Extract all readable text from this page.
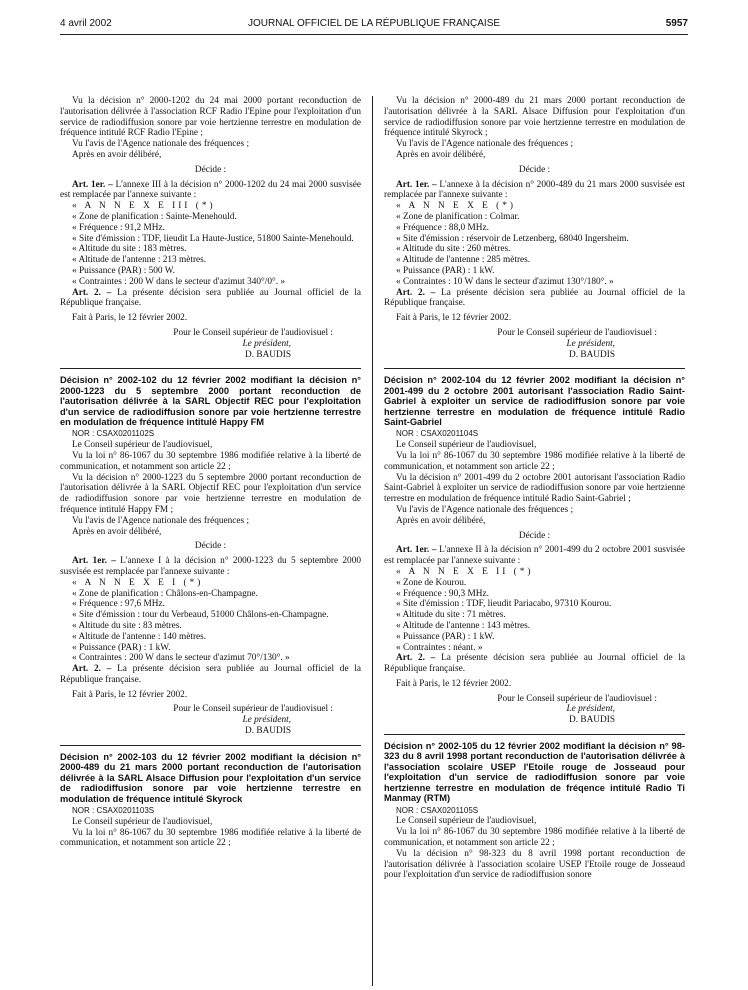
4 avril 2002	JOURNAL OFFICIEL DE LA RÉPUBLIQUE FRANÇAISE	5957

Vu la décision n° 2000-1202 du 24 mai 2000 portant reconduction de l'autorisation délivrée à l'association RCF Radio l'Epine pour l'exploitation d'un service de radiodiffusion sonore par voie hertzienne terrestre en modulation de fréquence intitulé RCF Radio l'Epine ;

Vu l'avis de l'Agence nationale des fréquences ;

Après en avoir délibéré,

Décide :

Art. 1er. – L'annexe III à la décision n° 2000-1202 du 24 mai 2000 susvisée est remplacée par l'annexe suivante :

« A N N E X E III (*)

« Zone de planification : Sainte-Menehould.

« Fréquence : 91,2 MHz.

« Site d'émission : TDF, lieudit La Haute-Justice, 51800 Sainte-Menehould.

« Altitude du site : 183 mètres.

« Altitude de l'antenne : 213 mètres.

« Puissance (PAR) : 500 W.

« Contraintes : 200 W dans le secteur d'azimut 340°/0°. »

Art. 2. – La présente décision sera publiée au Journal officiel de la République française.

Fait à Paris, le 12 février 2002.

Pour le Conseil supérieur de l'audiovisuel :

Le président,

D. BAUDIS

Décision n° 2002-102 du 12 février 2002 modifiant la décision n° 2000-1223 du 5 septembre 2000 portant reconduction de l'autorisation délivrée à la SARL Objectif REC pour l'exploitation d'un service de radiodiffusion sonore par voie hertzienne terrestre en modulation de fréquence intitulé Happy FM

NOR : CSAX0201102S

Le Conseil supérieur de l'audiovisuel,

Vu la loi n° 86-1067 du 30 septembre 1986 modifiée relative à la liberté de communication, et notamment son article 22 ;

Vu la décision n° 2000-1223 du 5 septembre 2000 portant reconduction de l'autorisation délivrée à la SARL Objectif REC pour l'exploitation d'un service de radiodiffusion sonore par voie hertzienne terrestre en modulation de fréquence intitulé Happy FM ;

Vu l'avis de l'Agence nationale des fréquences ;

Après en avoir délibéré,

Décide :

Art. 1er. – L'annexe I à la décision n° 2000-1223 du 5 septembre 2000 susvisée est remplacée par l'annexe suivante :

« A N N E X E I (*)

« Zone de planification : Châlons-en-Champagne.

« Fréquence : 97,6 MHz.

« Site d'émission : tour du Verbeaud, 51000 Châlons-en-Champagne.

« Altitude du site : 83 mètres.

« Altitude de l'antenne : 140 mètres.

« Puissance (PAR) : 1 kW.

« Contraintes : 200 W dans le secteur d'azimut 70°/130°. »

Art. 2. – La présente décision sera publiée au Journal officiel de la République française.

Fait à Paris, le 12 février 2002.

Pour le Conseil supérieur de l'audiovisuel :

Le président,

D. BAUDIS

Décision n° 2002-103 du 12 février 2002 modifiant la décision n° 2000-489 du 21 mars 2000 portant reconduction de l'autorisation délivrée à la SARL Alsace Diffusion pour l'exploitation d'un service de radiodiffusion sonore par voie hertzienne terrestre en modulation de fréquence intitulé Skyrock

NOR : CSAX0201103S

Le Conseil supérieur de l'audiovisuel,

Vu la loi n° 86-1067 du 30 septembre 1986 modifiée relative à la liberté de communication, et notamment son article 22 ;

Vu la décision n° 2000-489 du 21 mars 2000 portant reconduction de l'autorisation délivrée à la SARL Alsace Diffusion pour l'exploitation d'un service de radiodiffusion sonore par voie hertzienne terrestre en modulation de fréquence intitulé Skyrock ;

Vu l'avis de l'Agence nationale des fréquences ;

Après en avoir délibéré,

Décide :

Art. 1er. – L'annexe à la décision n° 2000-489 du 21 mars 2000 susvisée est remplacée par l'annexe suivante :

« A N N E X E (*)

« Zone de planification : Colmar.

« Fréquence : 88,0 MHz.

« Site d'émission : réservoir de Letzenberg, 68040 Ingersheim.

« Altitude du site : 260 mètres.

« Altitude de l'antenne : 285 mètres.

« Puissance (PAR) : 1 kW.

« Contraintes : 10 W dans le secteur d'azimut 130°/180°. »

Art. 2. – La présente décision sera publiée au Journal officiel de la République française.

Fait à Paris, le 12 février 2002.

Pour le Conseil supérieur de l'audiovisuel :

Le président,

D. BAUDIS

Décision n° 2002-104 du 12 février 2002 modifiant la décision n° 2001-499 du 2 octobre 2001 autorisant l'association Radio Saint-Gabriel à exploiter un service de radiodiffusion sonore par voie hertzienne terrestre en modulation de fréquence intitulé Radio Saint-Gabriel

NOR : CSAX0201104S

Le Conseil supérieur de l'audiovisuel,

Vu la loi n° 86-1067 du 30 septembre 1986 modifiée relative à la liberté de communication, et notamment son article 22 ;

Vu la décision n° 2001-499 du 2 octobre 2001 autorisant l'association Radio Saint-Gabriel à exploiter un service de radiodiffusion sonore par voie hertzienne terrestre en modulation de fréquence intitulé Radio Saint-Gabriel ;

Vu l'avis de l'Agence nationale des fréquences ;

Après en avoir délibéré,

Décide :

Art. 1er. – L'annexe II à la décision n° 2001-499 du 2 octobre 2001 susvisée est remplacée par l'annexe suivante :

« A N N E X E II (*)

« Zone de Kourou.

« Fréquence : 90,3 MHz.

« Site d'émission : TDF, lieudit Pariacabo, 97310 Kourou.

« Altitude du site : 71 mètres.

« Altitude de l'antenne : 143 mètres.

« Puissance (PAR) : 1 kW.

« Contraintes : néant. »

Art. 2. – La présente décision sera publiée au Journal officiel de la République française.

Fait à Paris, le 12 février 2002.

Pour le Conseil supérieur de l'audiovisuel :

Le président,

D. BAUDIS

Décision n° 2002-105 du 12 février 2002 modifiant la décision n° 98-323 du 8 avril 1998 portant reconduction de l'autorisation délivrée à l'association scolaire USEP l'Etoile rouge de Josseaud pour l'exploitation d'un service de radiodiffusion sonore par voie hertzienne terrestre en modulation de fréqence intitulé Radio Ti Manmay (RTM)

NOR : CSAX0201105S

Le Conseil supérieur de l'audiovisuel,

Vu la loi n° 86-1067 du 30 septembre 1986 modifiée relative à la liberté de communication, et notamment son article 22 ;

Vu la décision n° 98-323 du 8 avril 1998 portant reconduction de l'autorisation délivrée à l'association scolaire USEP l'Etoile rouge de Josseaud pour l'exploitation d'un service de radiodiffusion sonore
